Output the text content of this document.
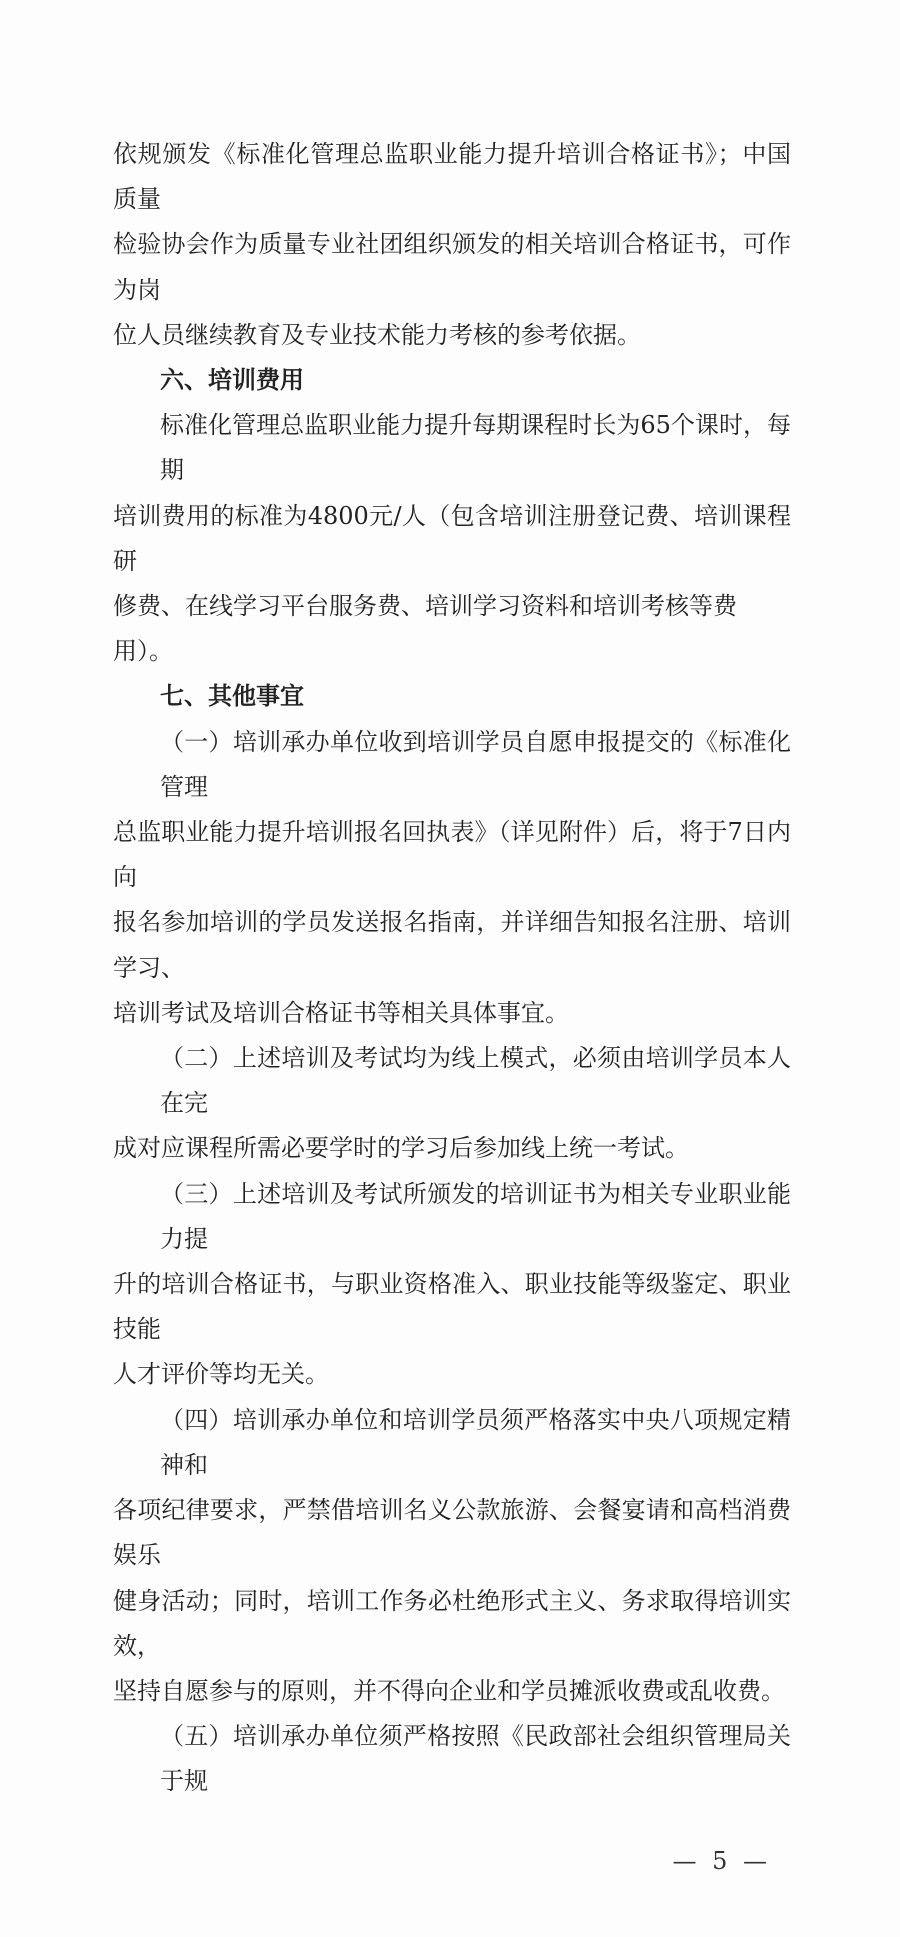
依规颁发《标准化管理总监职业能力提升培训合格证书》；中国质量
检验协会作为质量专业社团组织颁发的相关培训合格证书，可作为岗
位人员继续教育及专业技术能力考核的参考依据。
六、培训费用
标准化管理总监职业能力提升每期课程时长为65个课时，每期
培训费用的标准为4800元/人（包含培训注册登记费、培训课程研
修费、在线学习平台服务费、培训学习资料和培训考核等费用）。
七、其他事宜
（一）培训承办单位收到培训学员自愿申报提交的《标准化管理
总监职业能力提升培训报名回执表》（详见附件）后，将于7日内向
报名参加培训的学员发送报名指南，并详细告知报名注册、培训学习、
培训考试及培训合格证书等相关具体事宜。
（二）上述培训及考试均为线上模式，必须由培训学员本人在完
成对应课程所需必要学时的学习后参加线上统一考试。
（三）上述培训及考试所颁发的培训证书为相关专业职业能力提
升的培训合格证书，与职业资格准入、职业技能等级鉴定、职业技能
人才评价等均无关。
（四）培训承办单位和培训学员须严格落实中央八项规定精神和
各项纪律要求，严禁借培训名义公款旅游、会餐宴请和高档消费娱乐
健身活动；同时，培训工作务必杜绝形式主义、务求取得培训实效，
坚持自愿参与的原则，并不得向企业和学员摊派收费或乱收费。
（五）培训承办单位须严格按照《民政部社会组织管理局关于规
— 5 —
